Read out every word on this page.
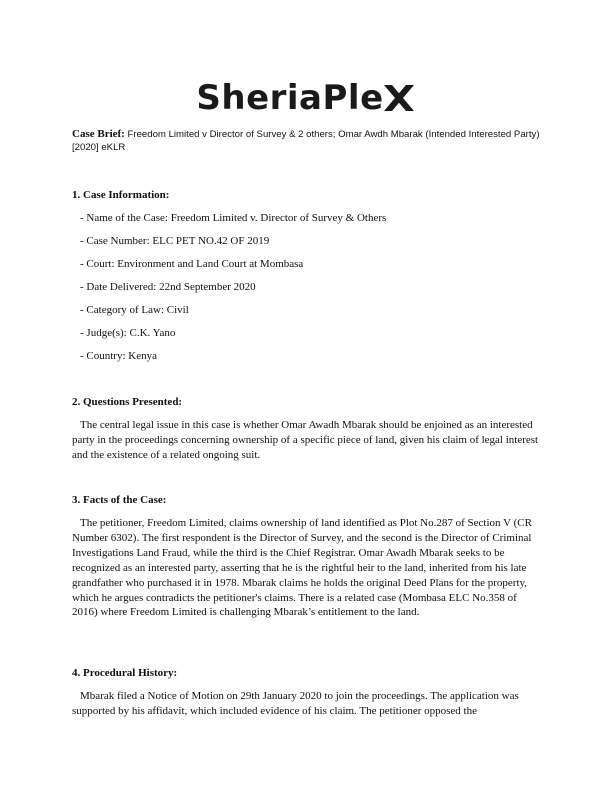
SheriaPle
Case Brief: Freedom Limited v Director of Survey & 2 others; Omar Awdh Mbarak (Intended Interested Party) [2020] eKLR
1. Case Information:
- Name of the Case: Freedom Limited v. Director of Survey & Others
- Case Number: ELC PET NO.42 OF 2019
- Court: Environment and Land Court at Mombasa
- Date Delivered: 22nd September 2020
- Category of Law: Civil
- Judge(s): C.K. Yano
- Country: Kenya
2. Questions Presented:

The central legal issue in this case is whether Omar Awadh Mbarak should be enjoined as an interested party in the proceedings concerning ownership of a specific piece of land, given his claim of legal interest and the existence of a related ongoing suit.

3. Facts of the Case:

The petitioner, Freedom Limited, claims ownership of land identified as Plot No.287 of Section V (CR Number 6302). The first respondent is the Director of Survey, and the second is the Director of Criminal Investigations Land Fraud, while the third is the Chief Registrar. Omar Awadh Mbarak seeks to be recognized as an interested party, asserting that he is the rightful heir to the land, inherited from his late grandfather who purchased it in 1978. Mbarak claims he holds the original Deed Plans for the property, which he argues contradicts the petitioner's claims. There is a related case (Mombasa ELC No.358 of 2016) where Freedom Limited is challenging Mbarak’s entitlement to the land.

4. Procedural History:

Mbarak filed a Notice of Motion on 29th January 2020 to join the proceedings. The application was supported by his affidavit, which included evidence of his claim. The petitioner opposed the
